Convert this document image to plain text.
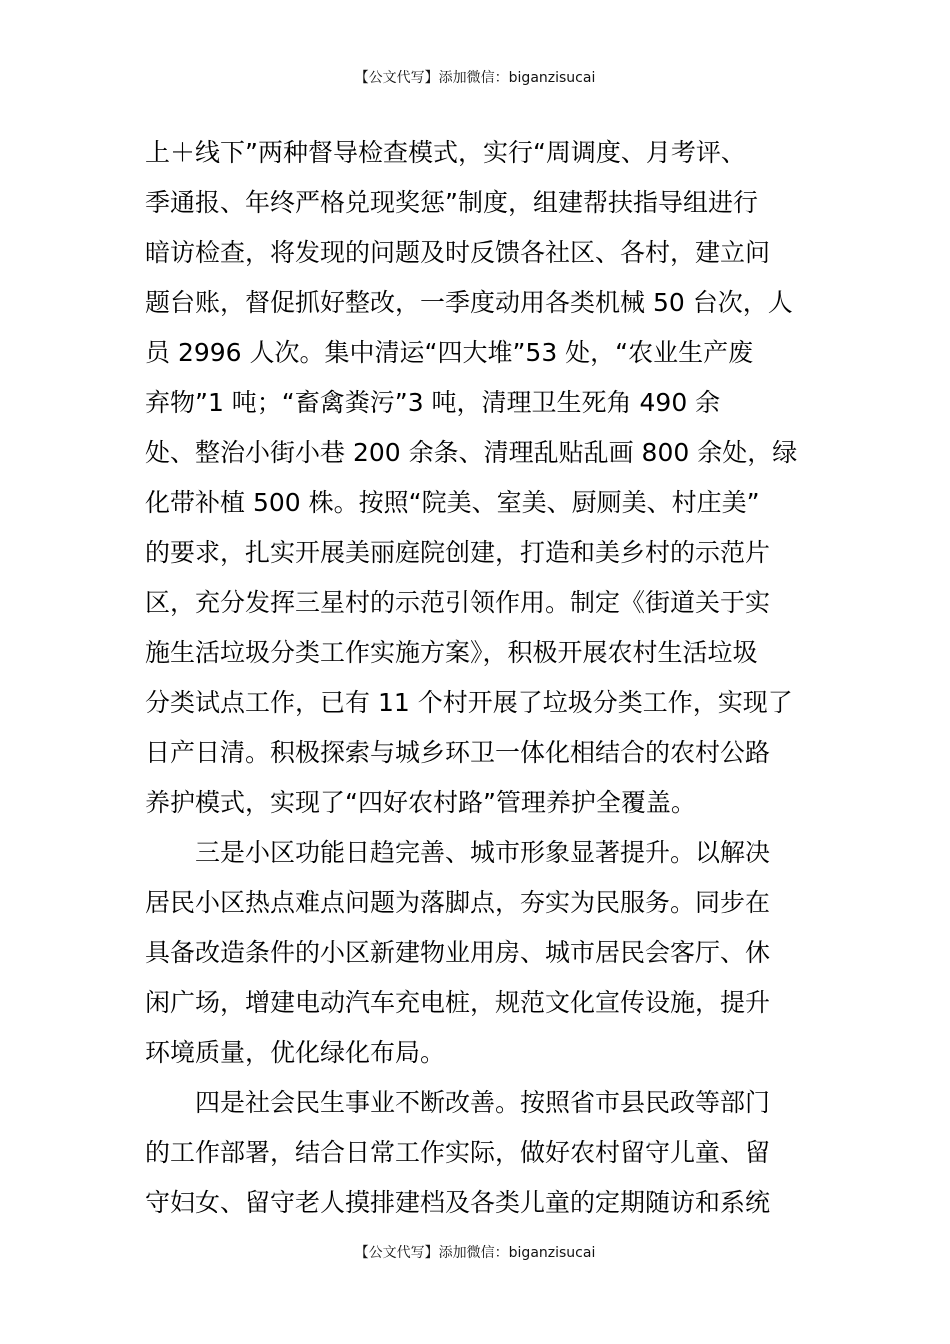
【公文代写】添加微信：biganzisucai
上＋线下”两种督导检查模式，实行“周调度、月考评、
季通报、年终严格兑现奖惩”制度，组建帮扶指导组进行
暗访检查，将发现的问题及时反馈各社区、各村，建立问
题台账，督促抓好整改，一季度动用各类机械 50 台次，人
员 2996 人次。集中清运“四大堆”53 处，“农业生产废
弃物”1 吨；“畜禽粪污”3 吨，清理卫生死角 490 余
处、整治小街小巷 200 余条、清理乱贴乱画 800 余处，绿
化带补植 500 株。按照“院美、室美、厨厕美、村庄美”
的要求，扎实开展美丽庭院创建，打造和美乡村的示范片
区，充分发挥三星村的示范引领作用。制定《街道关于实
施生活垃圾分类工作实施方案》，积极开展农村生活垃圾
分类试点工作，已有 11 个村开展了垃圾分类工作，实现了
日产日清。积极探索与城乡环卫一体化相结合的农村公路
养护模式，实现了“四好农村路”管理养护全覆盖。
三是小区功能日趋完善、城市形象显著提升。以解决
居民小区热点难点问题为落脚点，夯实为民服务。同步在
具备改造条件的小区新建物业用房、城市居民会客厅、休
闲广场，增建电动汽车充电桩，规范文化宣传设施，提升
环境质量，优化绿化布局。
四是社会民生事业不断改善。按照省市县民政等部门
的工作部署，结合日常工作实际，做好农村留守儿童、留
守妇女、留守老人摸排建档及各类儿童的定期随访和系统
【公文代写】添加微信：biganzisucai
